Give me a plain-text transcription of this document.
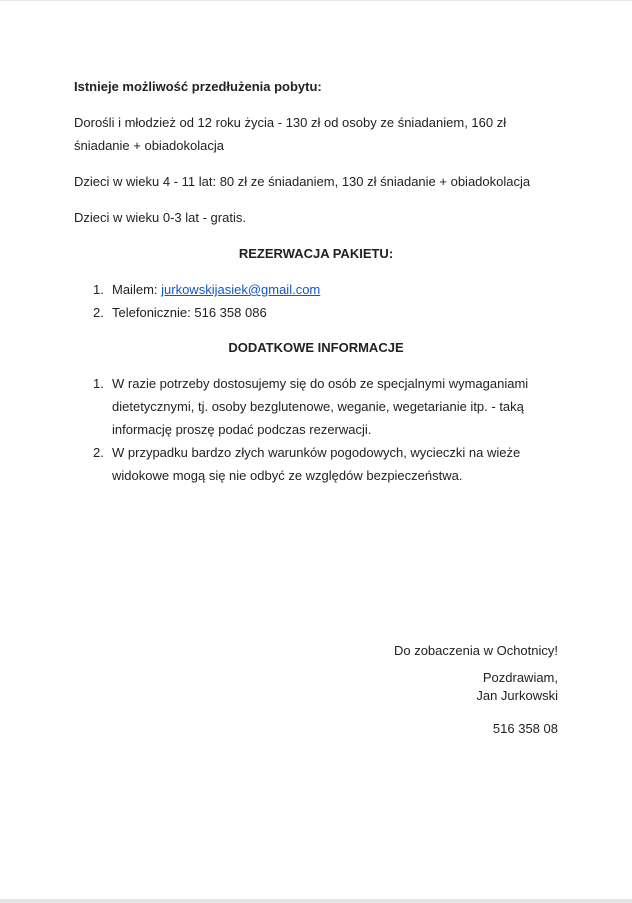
Istnieje możliwość przedłużenia pobytu:

Dorośli i młodzież od 12 roku życia - 130 zł od osoby ze śniadaniem, 160 zł śniadanie + obiadokolacja

Dzieci w wieku 4 - 11 lat: 80 zł ze śniadaniem, 130 zł śniadanie + obiadokolacja

Dzieci w wieku 0-3 lat - gratis.

REZERWACJA PAKIETU:

1. Mailem: jurkowskijasiek@gmail.com
2. Telefonicznie: 516 358 086

DODATKOWE INFORMACJE

1. W razie potrzeby dostosujemy się do osób ze specjalnymi wymaganiami dietetycznymi, tj. osoby bezglutenowe, weganie, wegetarianie itp. - taką informację proszę podać podczas rezerwacji.
2. W przypadku bardzo złych warunków pogodowych, wycieczki na wieże widokowe mogą się nie odbyć ze względów bezpieczeństwa.

Do zobaczenia w Ochotnicy!

Pozdrawiam,

Jan Jurkowski

516 358 08
